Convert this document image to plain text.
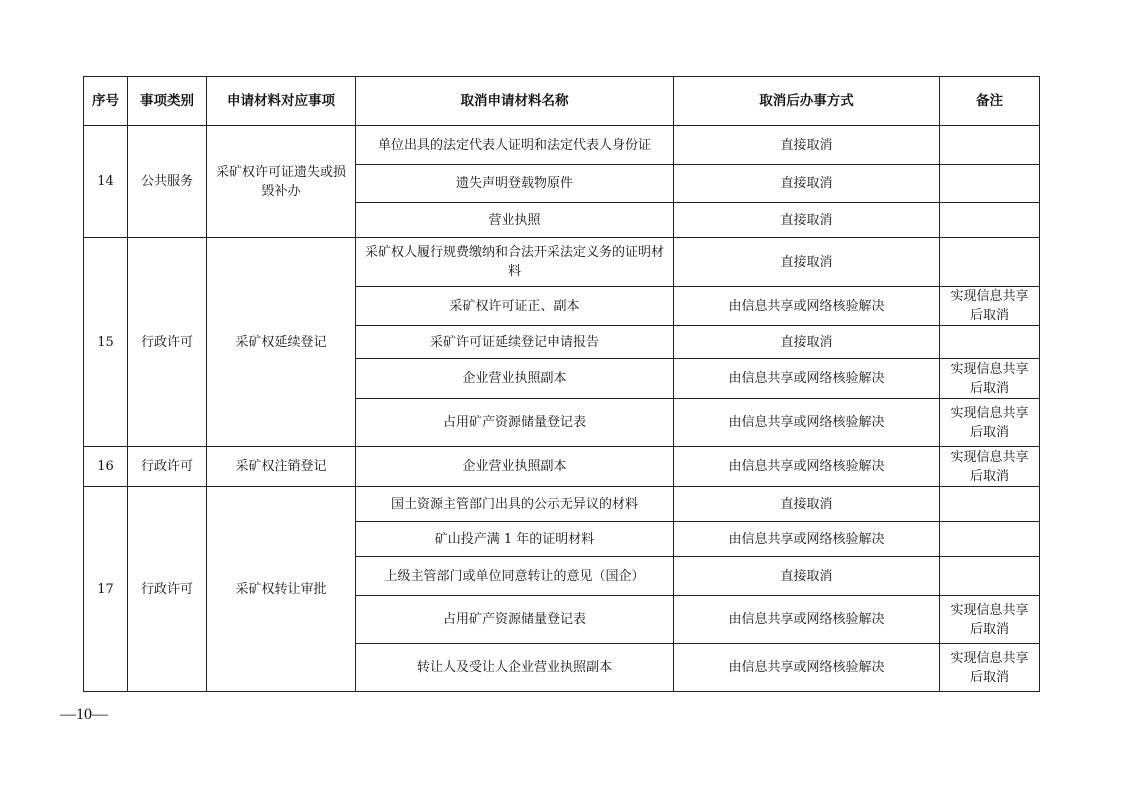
序号	事项类别	申请材料对应事项	取消申请材料名称	取消后办事方式	备注
14	公共服务	采矿权许可证遗失或损毁补办	单位出具的法定代表人证明和法定代表人身份证	直接取消	
			遗失声明登载物原件	直接取消	
			营业执照	直接取消	
15	行政许可	采矿权延续登记	采矿权人履行规费缴纳和合法开采法定义务的证明材料	直接取消	
			采矿权许可证正、副本	由信息共享或网络核验解决	实现信息共享后取消
			采矿许可证延续登记申请报告	直接取消	
			企业营业执照副本	由信息共享或网络核验解决	实现信息共享后取消
			占用矿产资源储量登记表	由信息共享或网络核验解决	实现信息共享后取消
16	行政许可	采矿权注销登记	企业营业执照副本	由信息共享或网络核验解决	实现信息共享后取消
17	行政许可	采矿权转让审批	国土资源主管部门出具的公示无异议的材料	直接取消	
			矿山投产满 1 年的证明材料	由信息共享或网络核验解决	
			上级主管部门或单位同意转让的意见（国企）	直接取消	
			占用矿产资源储量登记表	由信息共享或网络核验解决	实现信息共享后取消
			转让人及受让人企业营业执照副本	由信息共享或网络核验解决	实现信息共享后取消
—10—
